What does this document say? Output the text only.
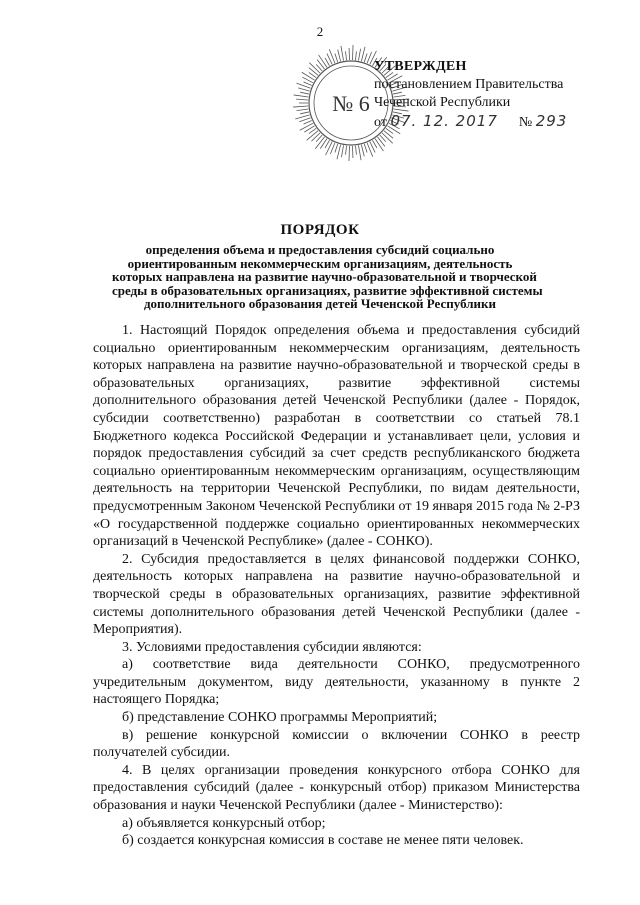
2
№ 6
УТВЕРЖДЕН
постановлением Правительства
Чеченской Республики
от 07. 12. 2017 № 293
ПОРЯДОК
определения объема и предоставления субсидий социально
ориентированным некоммерческим организациям, деятельность
которых направлена на развитие научно-образовательной и творческой
среды в образовательных организациях, развитие эффективной системы
дополнительного образования детей Чеченской Республики

1. Настоящий Порядок определения объема и предоставления субсидий социально ориентированным некоммерческим организациям, деятельность которых направлена на развитие научно-образовательной и творческой среды в образовательных организациях, развитие эффективной системы дополнительного образования детей Чеченской Республики (далее - Порядок, субсидии соответственно) разработан в соответствии со статьей 78.1 Бюджетного кодекса Российской Федерации и устанавливает цели, условия и порядок предоставления субсидий за счет средств республиканского бюджета социально ориентированным некоммерческим организациям, осуществляющим деятельность на территории Чеченской Республики, по видам деятельности, предусмотренным Законом Чеченской Республики от 19 января 2015 года № 2-РЗ «О государственной поддержке социально ориентированных некоммерческих организаций в Чеченской Республике» (далее - СОНКО).

2. Субсидия предоставляется в целях финансовой поддержки СОНКО, деятельность которых направлена на развитие научно-образовательной и творческой среды в образовательных организациях, развитие эффективной системы дополнительного образования детей Чеченской Республики (далее - Мероприятия).

3. Условиями предоставления субсидии являются:

а) соответствие вида деятельности СОНКО, предусмотренного учредительным документом, виду деятельности, указанному в пункте 2 настоящего Порядка;

б) представление СОНКО программы Мероприятий;

в) решение конкурсной комиссии о включении СОНКО в реестр получателей субсидии.

4. В целях организации проведения конкурсного отбора СОНКО для предоставления субсидий (далее - конкурсный отбор) приказом Министерства образования и науки Чеченской Республики (далее - Министерство):

а) объявляется конкурсный отбор;

б) создается конкурсная комиссия в составе не менее пяти человек.
